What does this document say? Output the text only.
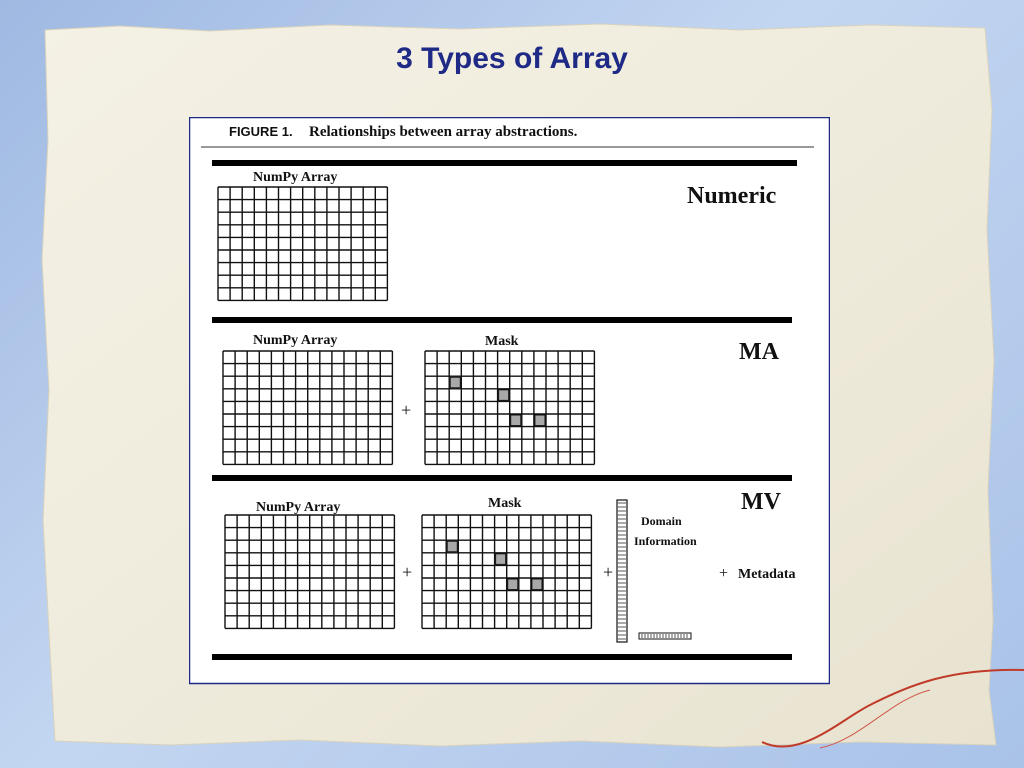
3 Types of Array
FIGURE 1. Relationships between array abstractions.
NumPy Array
Numeric
NumPy Array
+
Mask	MA
NumPy Array
+
Mask
+
Domain
Information
+ Metadata
MV
